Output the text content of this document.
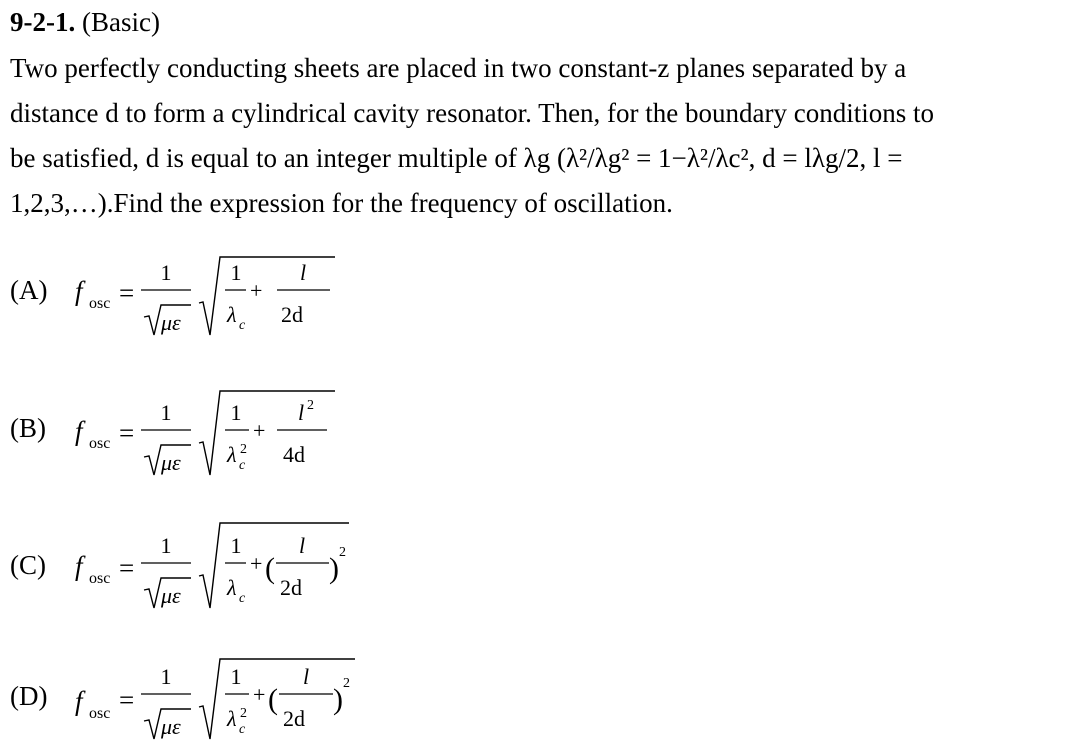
9-2-1. (Basic)
Two perfectly conducting sheets are placed in two constant-z planes separated by a
distance d to form a cylindrical cavity resonator. Then, for the boundary conditions to
be satisfied, d is equal to an integer multiple of λg (λ²/λg² = 1−λ²/λc², d = lλg/2, l =
1,2,3,…).Find the expression for the frequency of oscillation.
(A) f osc =
1
με
1
λ c
+
l
2d
(B) f osc =
1
με
1
λ c
2
+
l 2
4d
(C) f osc =
1
με
1
λ c
+ (
l
2d
) 2
(D) f osc =
1
με
1
λ c
2
+ (
l
2d
) 2
